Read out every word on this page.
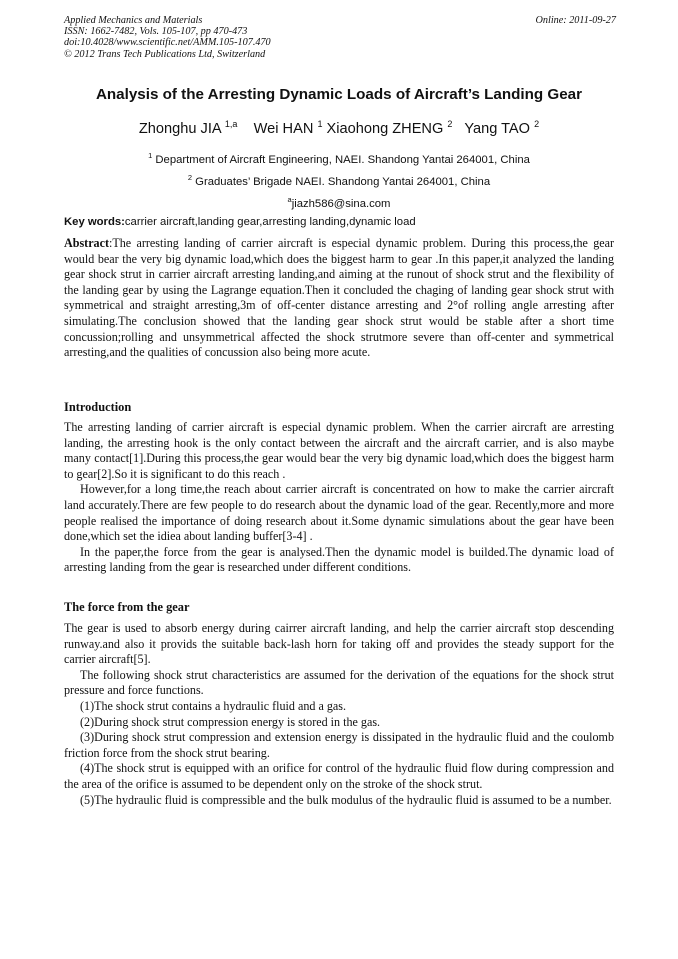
Applied Mechanics and Materials
ISSN: 1662-7482, Vols. 105-107, pp 470-473
doi:10.4028/www.scientific.net/AMM.105-107.470
© 2012 Trans Tech Publications Ltd, Switzerland
Online: 2011-09-27
Analysis of the Arresting Dynamic Loads of Aircraft’s Landing Gear
Zhonghu JIA $^{1,a}$ Wei HAN $^1$ Xiaohong ZHENG $^2$ Yang TAO $^2$
$^1$ Department of Aircraft Engineering, NAEI. Shandong Yantai 264001, China
$^2$ Graduates’ Brigade NAEI. Shandong Yantai 264001, China
$^a$jiazh586@sina.com
Key words:carrier aircraft,landing gear,arresting landing,dynamic load
Abstract:The arresting landing of carrier aircraft is especial dynamic problem. During this process,the gear would bear the very big dynamic load,which does the biggest harm to gear .In this paper,it analyzed the landing gear shock strut in carrier aircraft arresting landing,and aiming at the runout of shock strut and the flexibility of the landing gear by using the Lagrange equation.Then it concluded the chaging of landing gear shock strut with symmetrical and straight arresting,3m of off-center distance arresting and 2°of rolling angle arresting after simulating.The conclusion showed that the landing gear shock strut would be stable after a short time concussion;rolling and unsymmetrical affected the shock strutmore severe than off-center and symmetrical arresting,and the qualities of concussion also being more acute.
Introduction

The arresting landing of carrier aircraft is especial dynamic problem. When the carrier aircraft are arresting landing, the arresting hook is the only contact between the aircraft and the aircraft carrier, and is also maybe many contact[1].During this process,the gear would bear the very big dynamic load,which does the biggest harm to gear[2].So it is significant to do this reach .

However,for a long time,the reach about carrier aircraft is concentrated on how to make the carrier aircraft land accurately.There are few people to do research about the dynamic load of the gear. Recently,more and more people realised the importance of doing research about it.Some dynamic simulations about the gear have been done,which set the idiea about landing buffer[3-4] .

In the paper,the force from the gear is analysed.Then the dynamic model is builded.The dynamic load of arresting landing from the gear is researched under different conditions.

The force from the gear

The gear is used to absorb energy during cairrer aircraft landing, and help the carrier aircraft stop descending runway.and also it provids the suitable back-lash horn for taking off and provides the steady support for the carrier aircraft[5].

The following shock strut characteristics are assumed for the derivation of the equations for the shock strut pressure and force functions.

(1)The shock strut contains a hydraulic fluid and a gas.

(2)During shock strut compression energy is stored in the gas.

(3)During shock strut compression and extension energy is dissipated in the hydraulic fluid and the coulomb friction force from the shock strut bearing.

(4)The shock strut is equipped with an orifice for control of the hydraulic fluid flow during compression and the area of the orifice is assumed to be dependent only on the stroke of the shock strut.

(5)The hydraulic fluid is compressible and the bulk modulus of the hydraulic fluid is assumed to be a number.
